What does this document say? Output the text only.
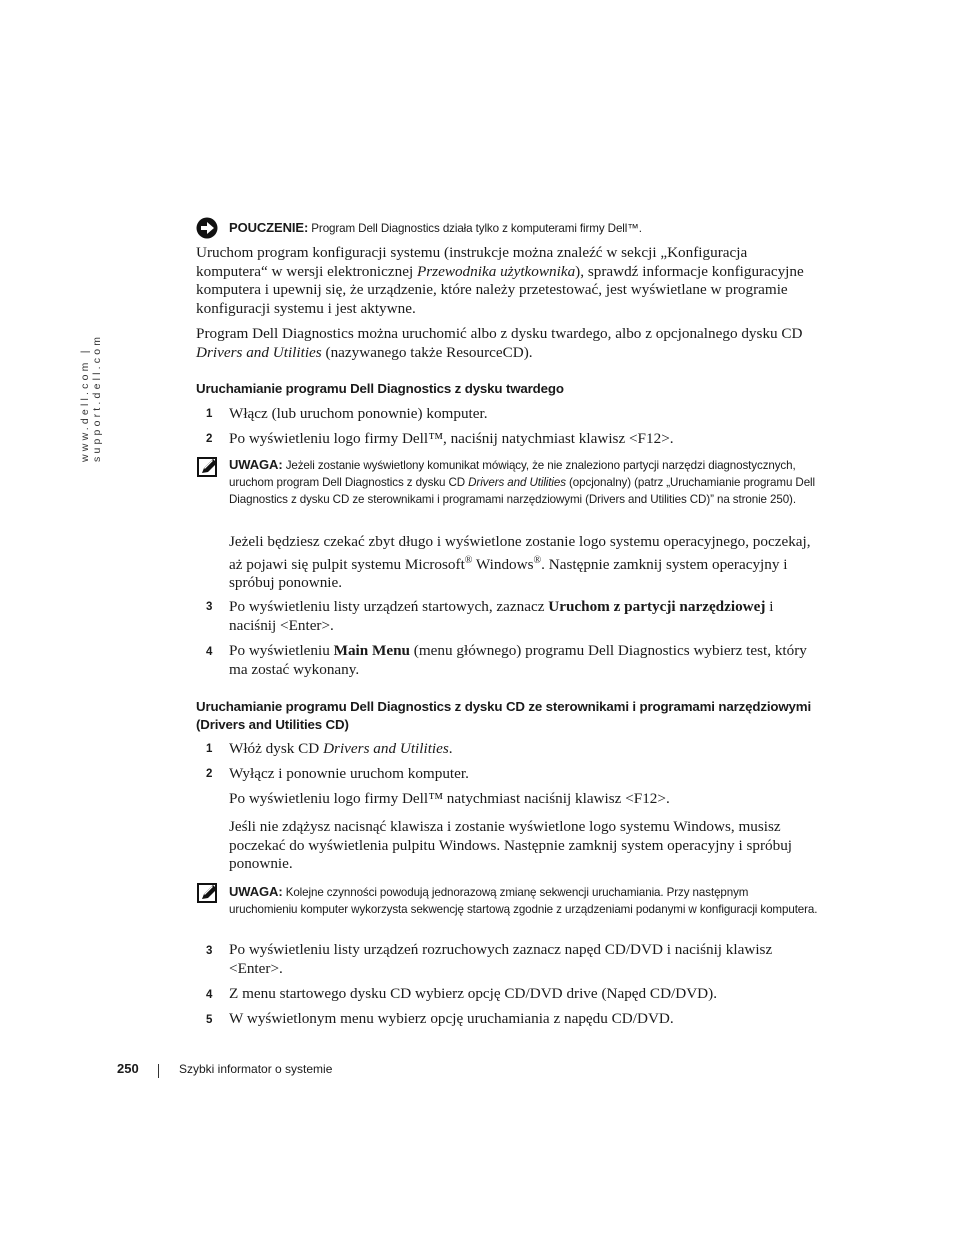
www.dell.com | support.dell.com

POUCZENIE: Program Dell Diagnostics działa tylko z komputerami firmy Dell™.

Uruchom program konfiguracji systemu (instrukcje można znaleźć w sekcji „Konfiguracja komputera“ w wersji elektronicznej Przewodnika użytkownika), sprawdź informacje konfiguracyjne komputera i upewnij się, że urządzenie, które należy przetestować, jest wyświetlane w programie konfiguracji systemu i jest aktywne.

Program Dell Diagnostics można uruchomić albo z dysku twardego, albo z opcjonalnego dysku CD Drivers and Utilities (nazywanego także ResourceCD).

Uruchamianie programu Dell Diagnostics z dysku twardego
1	Włącz (lub uruchom ponownie) komputer.

2	Po wyświetleniu logo firmy Dell™, naciśnij natychmiast klawisz <F12>.

UWAGA: Jeżeli zostanie wyświetlony komunikat mówiący, że nie znaleziono partycji narzędzi diagnostycznych, uruchom program Dell Diagnostics z dysku CD Drivers and Utilities (opcjonalny) (patrz „Uruchamianie programu Dell Diagnostics z dysku CD ze sterownikami i programami narzędziowymi (Drivers and Utilities CD)” na stronie 250).

Jeżeli będziesz czekać zbyt długo i wyświetlone zostanie logo systemu operacyjnego, poczekaj, aż pojawi się pulpit systemu Microsoft® Windows®. Następnie zamknij system operacyjny i spróbuj ponownie.

3	Po wyświetleniu listy urządzeń startowych, zaznacz Uruchom z partycji narzędziowej i naciśnij <Enter>.

4	Po wyświetleniu Main Menu (menu głównego) programu Dell Diagnostics wybierz test, który ma zostać wykonany.

Uruchamianie programu Dell Diagnostics z dysku CD ze sterownikami i programami narzędziowymi (Drivers and Utilities CD)
1	Włóż dysk CD Drivers and Utilities.

2	Wyłącz i ponownie uruchom komputer.

Po wyświetleniu logo firmy Dell™ natychmiast naciśnij klawisz <F12>.

Jeśli nie zdążysz nacisnąć klawisza i zostanie wyświetlone logo systemu Windows, musisz poczekać do wyświetlenia pulpitu Windows. Następnie zamknij system operacyjny i spróbuj ponownie.

UWAGA: Kolejne czynności powodują jednorazową zmianę sekwencji uruchamiania. Przy następnym uruchomieniu komputer wykorzysta sekwencję startową zgodnie z urządzeniami podanymi w konfiguracji komputera.

3	Po wyświetleniu listy urządzeń rozruchowych zaznacz napęd CD/DVD i naciśnij klawisz <Enter>.

4	Z menu startowego dysku CD wybierz opcję CD/DVD drive (Napęd CD/DVD).

5	W wyświetlonym menu wybierz opcję uruchamiania z napędu CD/DVD.

250	Szybki informator o systemie
